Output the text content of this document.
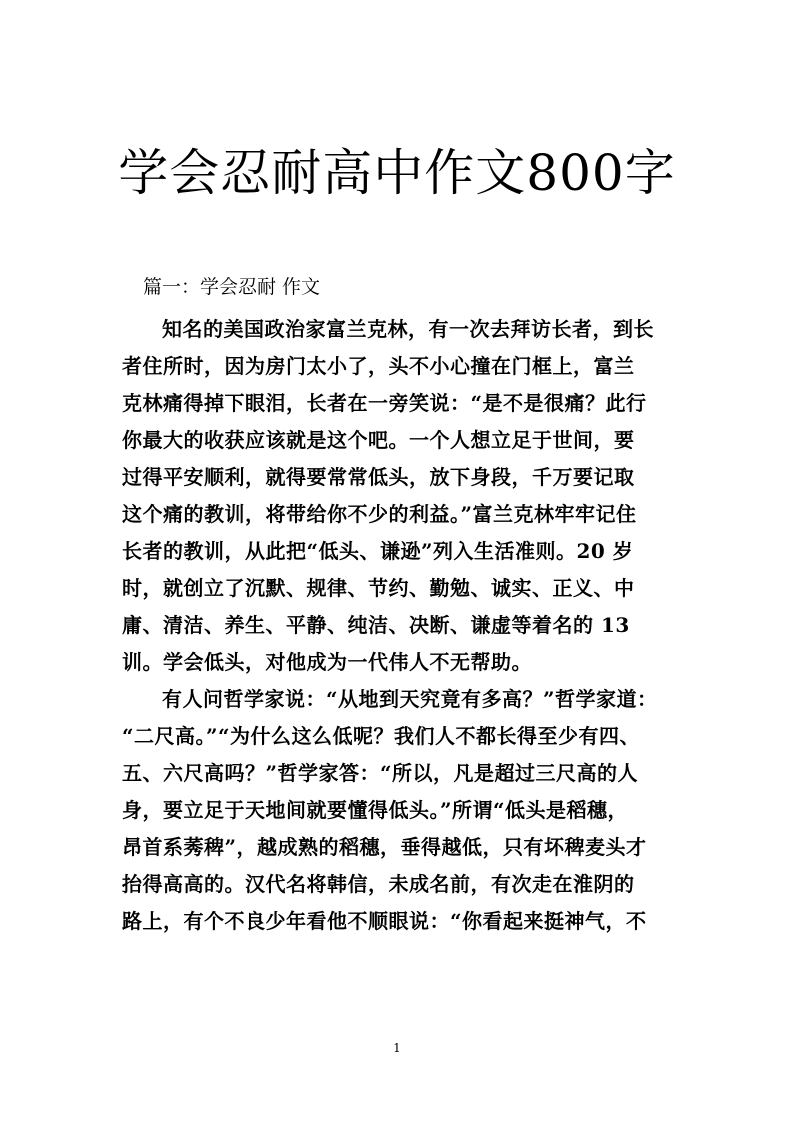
学会忍耐高中作文800字
篇一：学会忍耐 作文
知名的美国政治家富兰克林，有一次去拜访长者，到长
者住所时，因为房门太小了，头不小心撞在门框上，富兰
克林痛得掉下眼泪，长者在一旁笑说：“是不是很痛？此行
你最大的收获应该就是这个吧。一个人想立足于世间，要
过得平安顺利，就得要常常低头，放下身段，千万要记取
这个痛的教训，将带给你不少的利益。”富兰克林牢牢记住
长者的教训，从此把“低头、谦逊”列入生活准则。20 岁
时，就创立了沉默、规律、节约、勤勉、诚实、正义、中
庸、清洁、养生、平静、纯洁、决断、谦虚等着名的 13
训。学会低头，对他成为一代伟人不无帮助。
有人问哲学家说：“从地到天究竟有多高？”哲学家道：
“二尺高。”“为什么这么低呢？我们人不都长得至少有四、
五、六尺高吗？”哲学家答：“所以，凡是超过三尺高的人
身，要立足于天地间就要懂得低头。”所谓“低头是稻穗，
昂首系莠稗”，越成熟的稻穗，垂得越低，只有坏稗麦头才
抬得高高的。汉代名将韩信，未成名前，有次走在淮阴的
路上，有个不良少年看他不顺眼说：“你看起来挺神气，不
1
